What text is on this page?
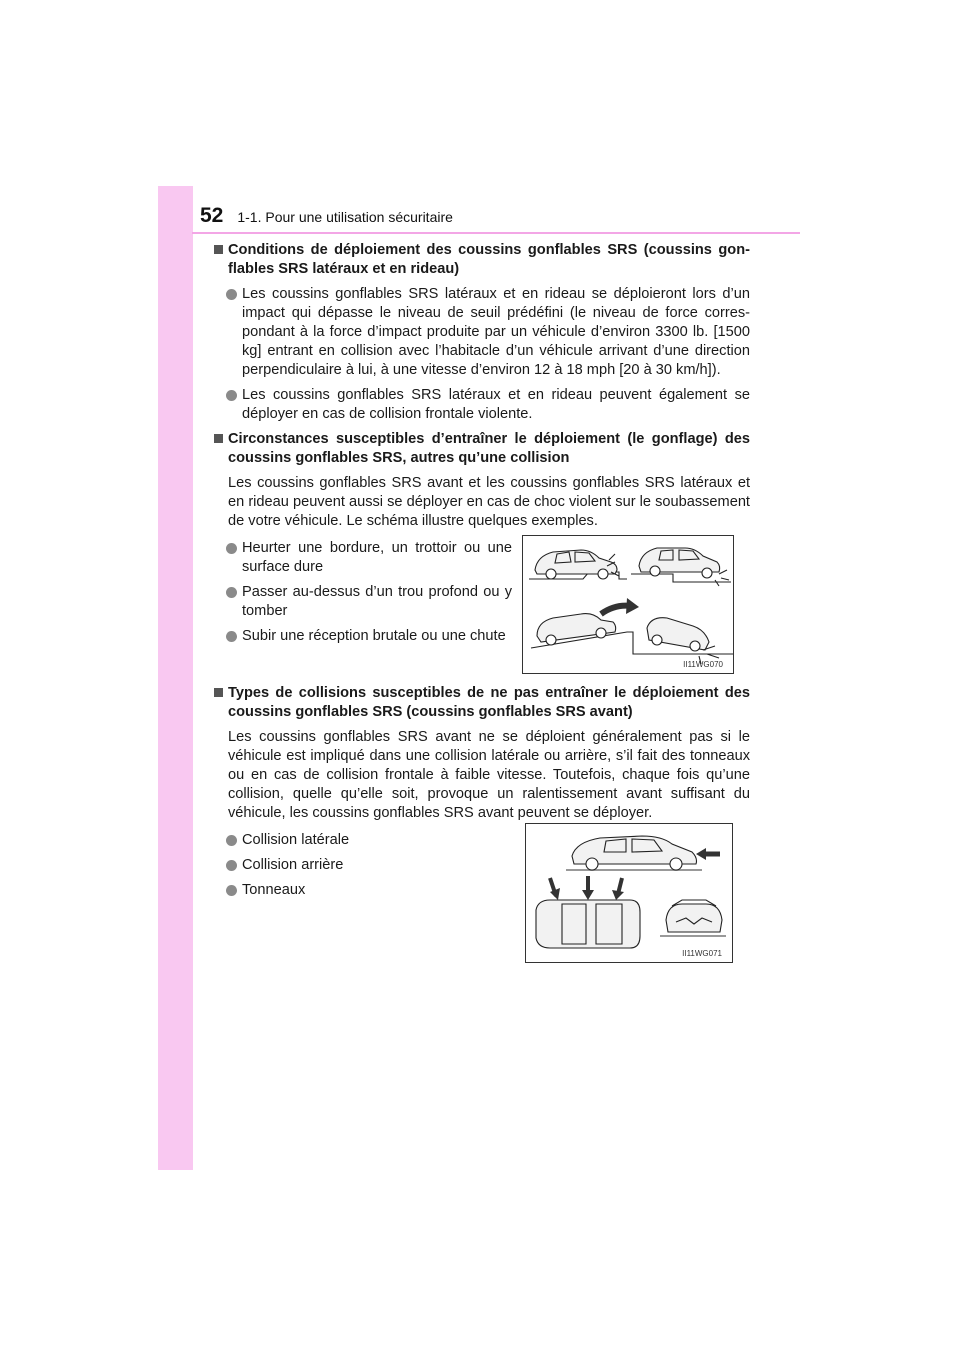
52 1-1. Pour une utilisation sécuritaire
Conditions de déploiement des coussins gonflables SRS (coussins gonflables SRS latéraux et en rideau)
Les coussins gonflables SRS latéraux et en rideau se déploieront lors d’un impact qui dépasse le niveau de seuil prédéfini (le niveau de force correspondant à la force d’impact produite par un véhicule d’environ 3300 lb. [1500 kg] entrant en collision avec l’habitacle d’un véhicule arrivant d’une direction perpendiculaire à lui, à une vitesse d’environ 12 à 18 mph [20 à 30 km/h]).
Les coussins gonflables SRS latéraux et en rideau peuvent également se déployer en cas de collision frontale violente.
Circonstances susceptibles d’entraîner le déploiement (le gonflage) des coussins gonflables SRS, autres qu’une collision
Les coussins gonflables SRS avant et les coussins gonflables SRS latéraux et en rideau peuvent aussi se déployer en cas de choc violent sur le soubassement de votre véhicule. Le schéma illustre quelques exemples.
Heurter une bordure, un trottoir ou une surface dure
Passer au-dessus d’un trou profond ou y tomber
Subir une réception brutale ou une chute
Types de collisions susceptibles de ne pas entraîner le déploiement des coussins gonflables SRS (coussins gonflables SRS avant)
Les coussins gonflables SRS avant ne se déploient généralement pas si le véhicule est impliqué dans une collision latérale ou arrière, s’il fait des tonneaux ou en cas de collision frontale à faible vitesse. Toutefois, chaque fois qu’une collision, quelle qu’elle soit, provoque un ralentissement avant suffisant du véhicule, les coussins gonflables SRS avant peuvent se déployer.
Collision latérale
Collision arrière
Tonneaux
II11WG070
II11WG071
